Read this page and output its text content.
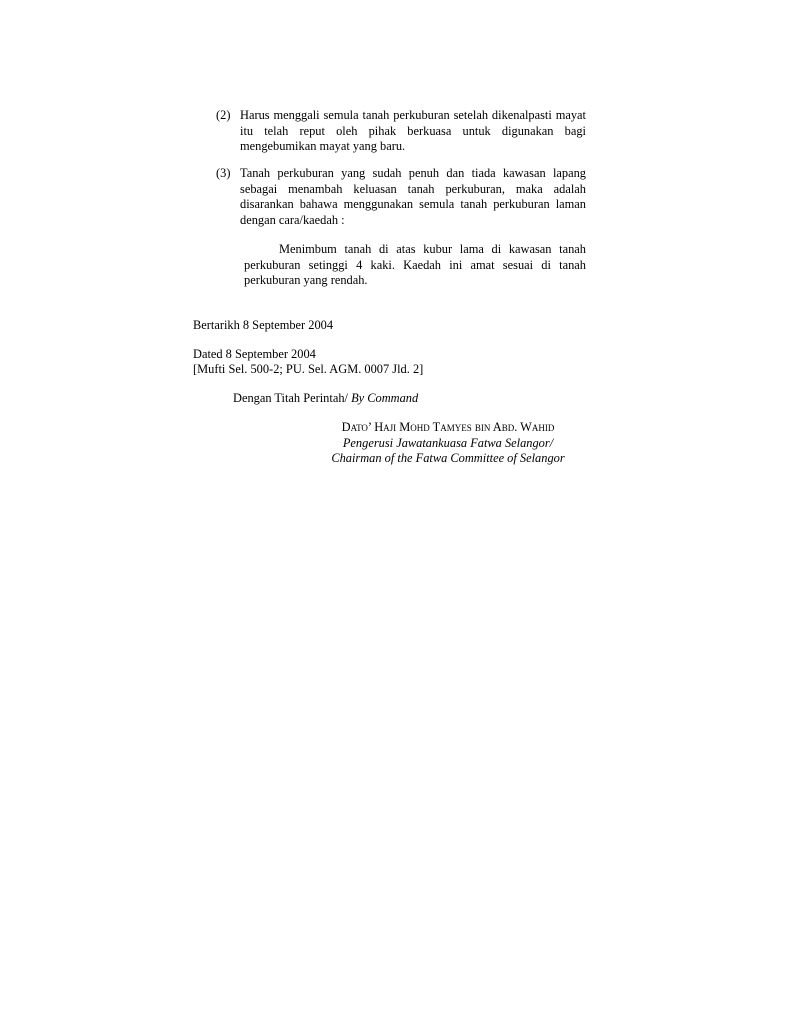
(2) Harus menggali semula tanah perkuburan setelah dikenalpasti mayat itu telah reput oleh pihak berkuasa untuk digunakan bagi mengebumikan mayat yang baru.
(3) Tanah perkuburan yang sudah penuh dan tiada kawasan lapang sebagai menambah keluasan tanah perkuburan, maka adalah disarankan bahawa menggunakan semula tanah perkuburan laman dengan cara/kaedah :
Menimbum tanah di atas kubur lama di kawasan tanah perkuburan setinggi 4 kaki. Kaedah ini amat sesuai di tanah perkuburan yang rendah.
Bertarikh 8 September 2004
Dated 8 September 2004
[Mufti Sel. 500-2; PU. Sel. AGM. 0007 Jld. 2]
Dengan Titah Perintah/ By Command
Dato’ Haji Mohd Tamyes bin Abd. Wahid
Pengerusi Jawatankuasa Fatwa Selangor/
Chairman of the Fatwa Committee of Selangor
